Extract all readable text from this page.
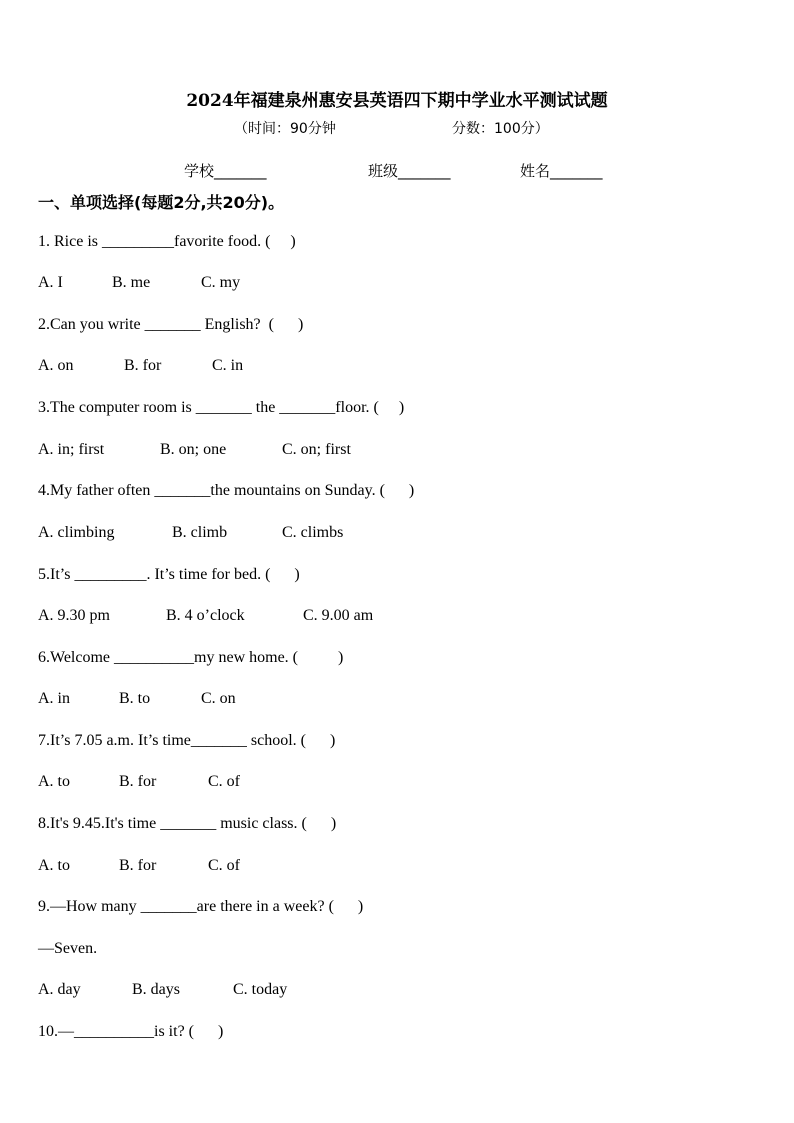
2024年福建泉州惠安县英语四下期中学业水平测试试题
（时间：90分钟	分数：100分）
学校_______	班级_______	姓名_______
一、单项选择(每题2分,共20分)。
1. Rice is _________favorite food. (     )
A. I	B. me	C. my
2.Can you write _______ English?  (      )
A. on	B. for	C. in
3.The computer room is _______ the _______floor. (     )
A. in; first	B. on; one	C. on; first
4.My father often _______the mountains on Sunday. (      )
A. climbing	B. climb	C. climbs
5.It’s _________. It’s time for bed. (      )
A. 9.30 pm	B. 4 o’clock	C. 9.00 am
6.Welcome __________my new home. (          )
A. in	B. to	C. on
7.It’s 7.05 a.m. It’s time_______ school. (      )
A. to	B. for	C. of
8.It's 9.45.It's time _______ music class. (      )
A. to	B. for	C. of
9.—How many _______are there in a week? (      )
—Seven.
A. day	B. days	C. today
10.—__________is it? (      )
